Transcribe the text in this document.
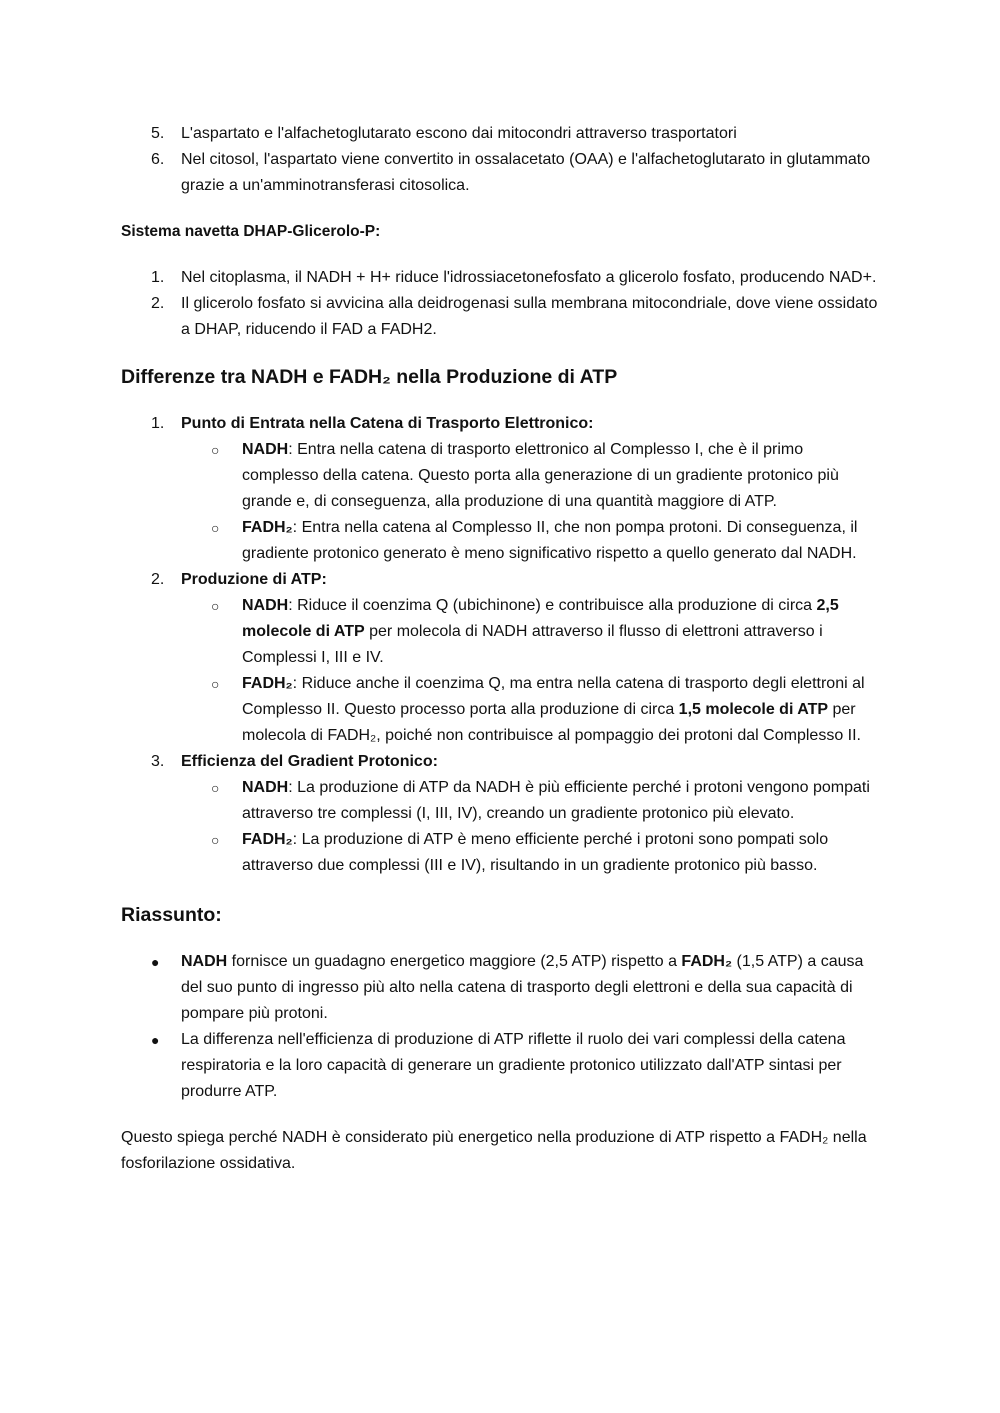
5.	L'aspartato e l'alfachetoglutarato escono dai mitocondri attraverso trasportatori
6.	Nel citosol, l'aspartato viene convertito in ossalacetato (OAA) e l'alfachetoglutarato in glutammato grazie a un'amminotransferasi citosolica.
Sistema navetta DHAP-Glicerolo-P:
1.	Nel citoplasma, il NADH + H+ riduce l'idrossiacetonefosfato a glicerolo fosfato, producendo NAD+.
2.	Il glicerolo fosfato si avvicina alla deidrogenasi sulla membrana mitocondriale, dove viene ossidato a DHAP, riducendo il FAD a FADH2.
Differenze tra NADH e FADH₂ nella Produzione di ATP
1.	Punto di Entrata nella Catena di Trasporto Elettronico:
○ NADH: Entra nella catena di trasporto elettronico al Complesso I, che è il primo complesso della catena. Questo porta alla generazione di un gradiente protonico più grande e, di conseguenza, alla produzione di una quantità maggiore di ATP.
○ FADH₂: Entra nella catena al Complesso II, che non pompa protoni. Di conseguenza, il gradiente protonico generato è meno significativo rispetto a quello generato dal NADH.
2.	Produzione di ATP:
○ NADH: Riduce il coenzima Q (ubichinone) e contribuisce alla produzione di circa 2,5 molecole di ATP per molecola di NADH attraverso il flusso di elettroni attraverso i Complessi I, III e IV.
○ FADH₂: Riduce anche il coenzima Q, ma entra nella catena di trasporto degli elettroni al Complesso II. Questo processo porta alla produzione di circa 1,5 molecole di ATP per molecola di FADH₂, poiché non contribuisce al pompaggio dei protoni dal Complesso II.
3.	Efficienza del Gradient Protonico:
○ NADH: La produzione di ATP da NADH è più efficiente perché i protoni vengono pompati attraverso tre complessi (I, III, IV), creando un gradiente protonico più elevato.
○ FADH₂: La produzione di ATP è meno efficiente perché i protoni sono pompati solo attraverso due complessi (III e IV), risultando in un gradiente protonico più basso.
Riassunto:
● NADH fornisce un guadagno energetico maggiore (2,5 ATP) rispetto a FADH₂ (1,5 ATP) a causa del suo punto di ingresso più alto nella catena di trasporto degli elettroni e della sua capacità di pompare più protoni.
● La differenza nell'efficienza di produzione di ATP riflette il ruolo dei vari complessi della catena respiratoria e la loro capacità di generare un gradiente protonico utilizzato dall'ATP sintasi per produrre ATP.

Questo spiega perché NADH è considerato più energetico nella produzione di ATP rispetto a FADH₂ nella fosforilazione ossidativa.
